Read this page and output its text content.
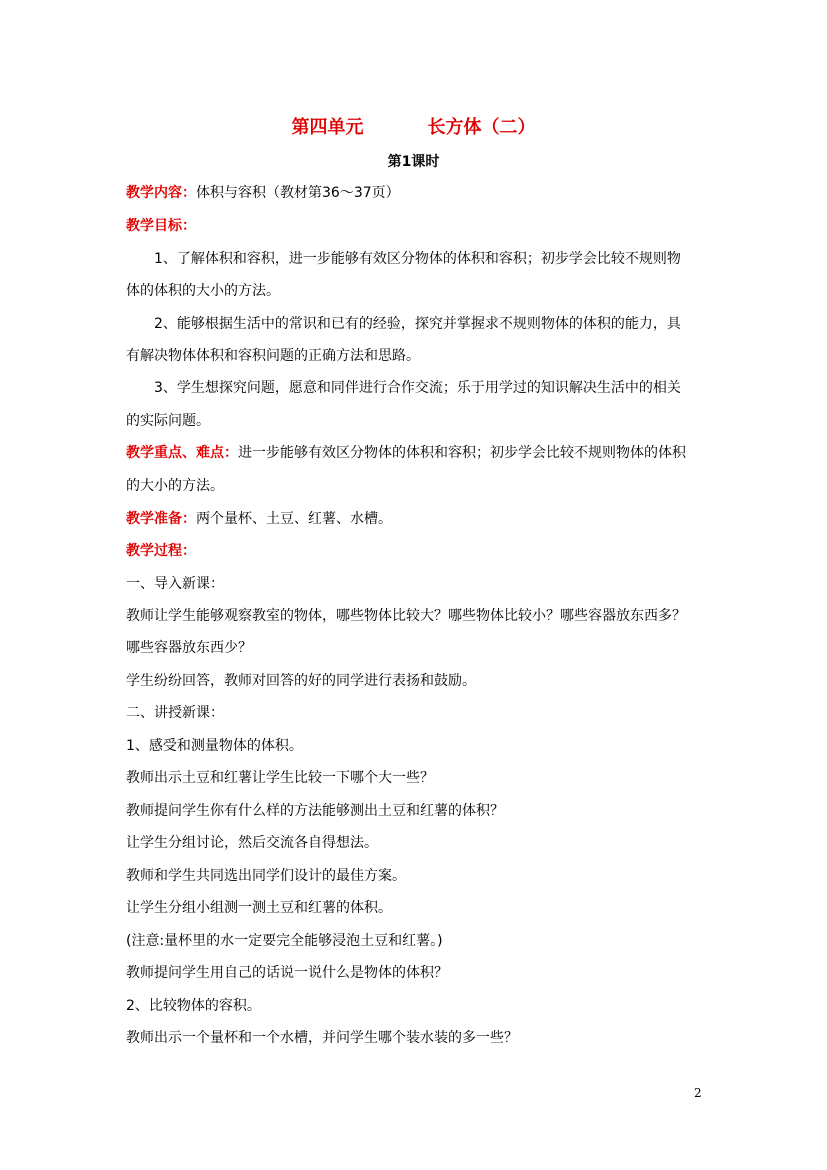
第四单元	长方体（二）
第1课时
教学内容：体积与容积（教材第36～37页）
教学目标：
1、了解体积和容积，进一步能够有效区分物体的体积和容积；初步学会比较不规则物
体的体积的大小的方法。
2、能够根据生活中的常识和已有的经验，探究并掌握求不规则物体的体积的能力，具
有解决物体体积和容积问题的正确方法和思路。
3、学生想探究问题，愿意和同伴进行合作交流；乐于用学过的知识解决生活中的相关
的实际问题。
教学重点、难点：进一步能够有效区分物体的体积和容积；初步学会比较不规则物体的体积
的大小的方法。
教学准备：两个量杯、土豆、红薯、水槽。
教学过程：
一、导入新课：
教师让学生能够观察教室的物体，哪些物体比较大？哪些物体比较小？哪些容器放东西多？
哪些容器放东西少？
学生纷纷回答，教师对回答的好的同学进行表扬和鼓励。
二、讲授新课：
1、感受和测量物体的体积。
教师出示土豆和红薯让学生比较一下哪个大一些？
教师提问学生你有什么样的方法能够测出土豆和红薯的体积？
让学生分组讨论，然后交流各自得想法。
教师和学生共同选出同学们设计的最佳方案。
让学生分组小组测一测土豆和红薯的体积。
(注意:量杯里的水一定要完全能够浸泡土豆和红薯。)
教师提问学生用自己的话说一说什么是物体的体积？
2、比较物体的容积。
教师出示一个量杯和一个水槽，并问学生哪个装水装的多一些？
2
